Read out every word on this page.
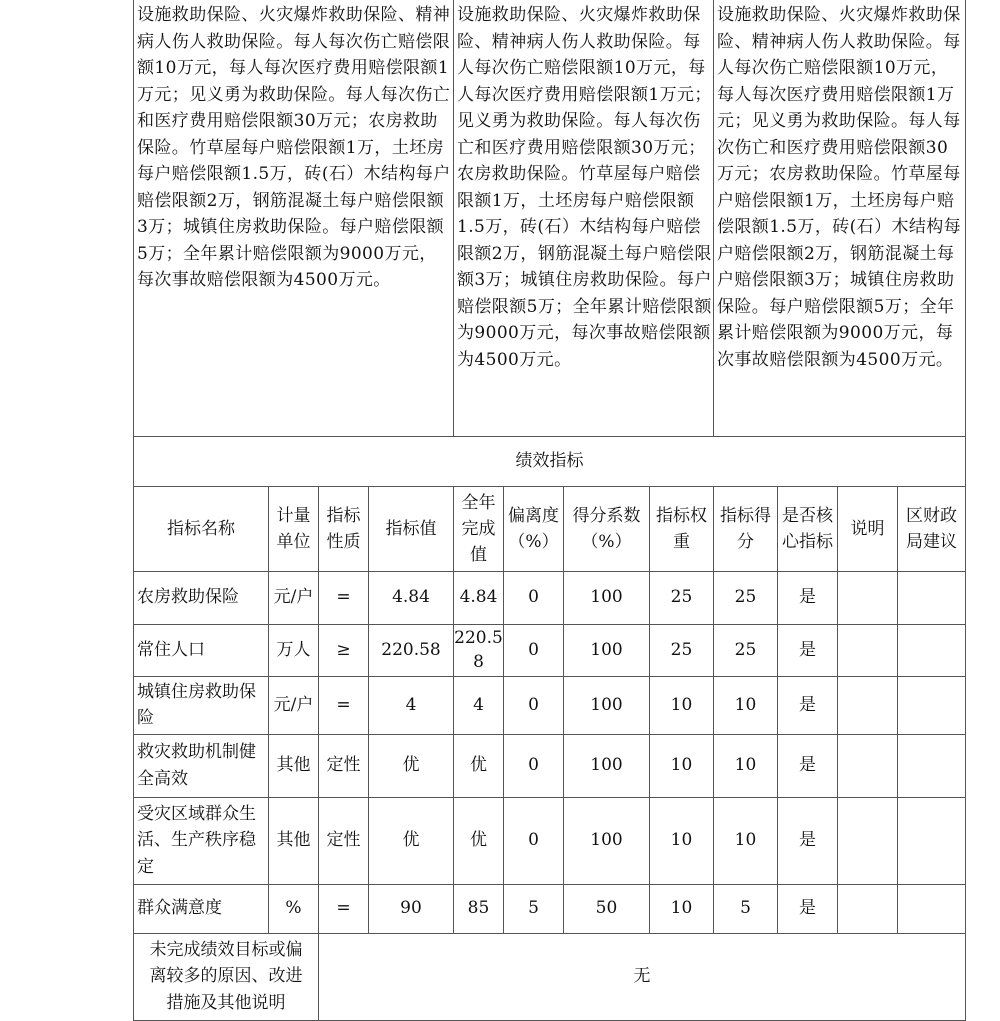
设施救助保险、火灾爆炸救助保险、精神病人伤人救助保险。每人每次伤亡赔偿限额10万元，每人每次医疗费用赔偿限额1万元；见义勇为救助保险。每人每次伤亡和医疗费用赔偿限额30万元；农房救助保险。竹草屋每户赔偿限额1万，土坯房每户赔偿限额1.5万，砖(石）木结构每户赔偿限额2万，钢筋混凝土每户赔偿限额3万；城镇住房救助保险。每户赔偿限额5万；全年累计赔偿限额为9000万元，每次事故赔偿限额为4500万元。	设施救助保险、火灾爆炸救助保险、精神病人伤人救助保险。每人每次伤亡赔偿限额10万元，每人每次医疗费用赔偿限额1万元；见义勇为救助保险。每人每次伤亡和医疗费用赔偿限额30万元；农房救助保险。竹草屋每户赔偿限额1万，土坯房每户赔偿限额1.5万，砖(石）木结构每户赔偿限额2万，钢筋混凝土每户赔偿限额3万；城镇住房救助保险。每户赔偿限额5万；全年累计赔偿限额为9000万元，每次事故赔偿限额为4500万元。	设施救助保险、火灾爆炸救助保险、精神病人伤人救助保险。每人每次伤亡赔偿限额10万元，每人每次医疗费用赔偿限额1万元；见义勇为救助保险。每人每次伤亡和医疗费用赔偿限额30万元；农房救助保险。竹草屋每户赔偿限额1万，土坯房每户赔偿限额1.5万，砖(石）木结构每户赔偿限额2万，钢筋混凝土每户赔偿限额3万；城镇住房救助保险。每户赔偿限额5万；全年累计赔偿限额为9000万元，每次事故赔偿限额为4500万元。
绩效指标											
指标名称	计量单位	指标性质	指标值	全年完成值	偏离度（%）	得分系数（%）	指标权重	指标得分	是否核心指标	说明	区财政局建议
农房救助保险	元/户	=	4.84	4.84	0	100	25	25	是		
常住人口	万人	≥	220.58	220.58	0	100	25	25	是		
城镇住房救助保险	元/户	=	4	4	0	100	10	10	是		
救灾救助机制健全高效	其他	定性	优	优	0	100	10	10	是		
受灾区域群众生活、生产秩序稳定	其他	定性	优	优	0	100	10	10	是		
群众满意度	%	=	90	85	5	50	10	5	是		
未完成绩效目标或偏离较多的原因、改进措施及其他说明		无									
